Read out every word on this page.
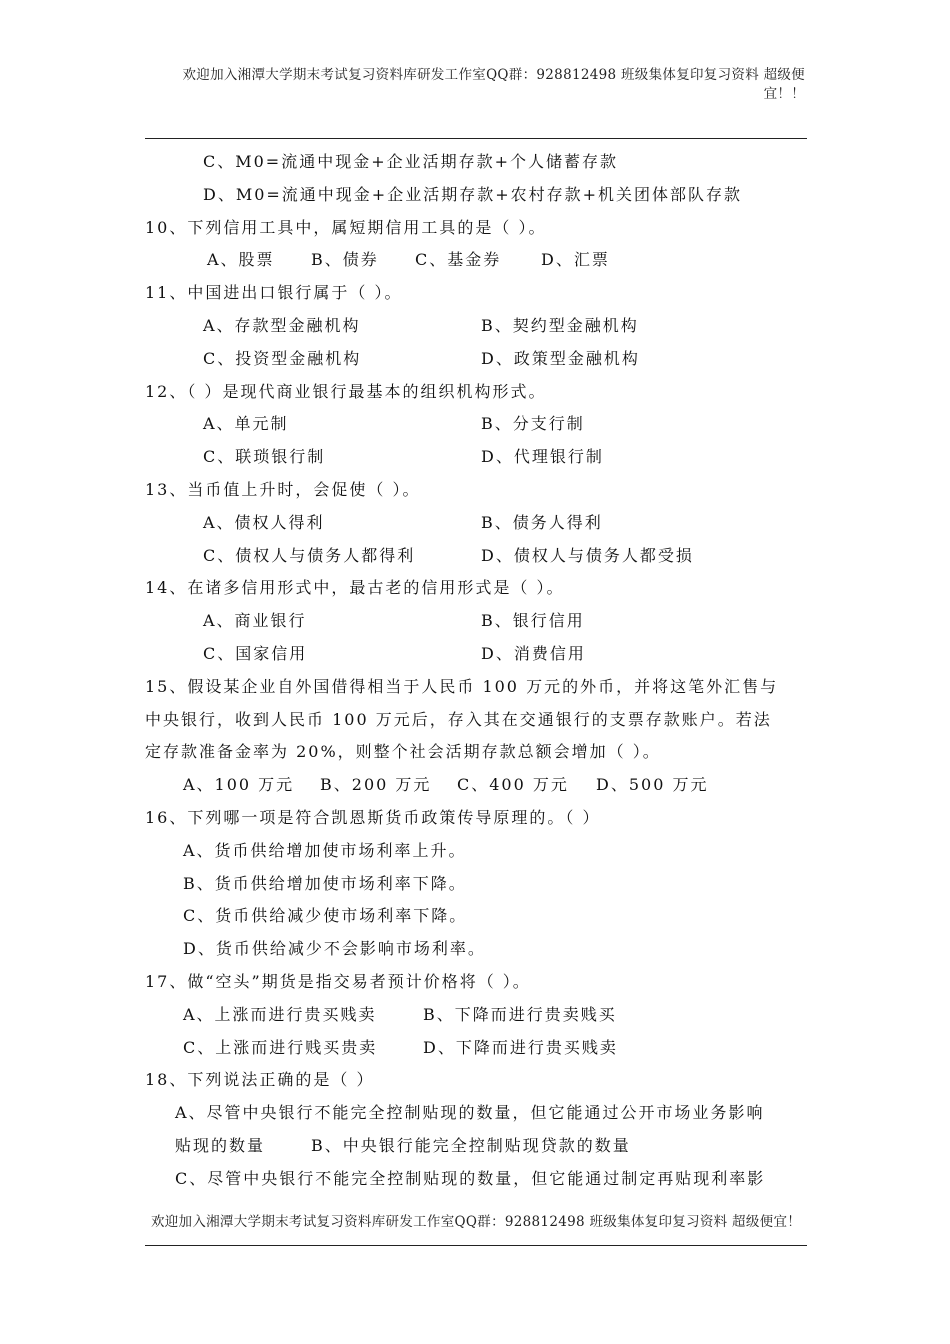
欢迎加入湘潭大学期末考试复习资料库研发工作室QQ群：928812498 班级集体复印复习资料 超级便
宜！！
C、M0=流通中现金+企业活期存款+个人储蓄存款
D、M0=流通中现金+企业活期存款+农村存款+机关团体部队存款
10、下列信用工具中，属短期信用工具的是（ ）。
A、股票 B、债券 C、基金券 D、汇票
11、中国进出口银行属于（ ）。
A、存款型金融机构	B、契约型金融机构
C、投资型金融机构	D、政策型金融机构
12、（ ）是现代商业银行最基本的组织机构形式。
A、单元制	B、分支行制
C、联琐银行制	D、代理银行制
13、当币值上升时，会促使（ ）。
A、债权人得利	B、债务人得利
C、债权人与债务人都得利	D、债权人与债务人都受损
14、在诸多信用形式中，最古老的信用形式是（ ）。
A、商业银行	B、银行信用
C、国家信用	D、消费信用
15、假设某企业自外国借得相当于人民币 100 万元的外币，并将这笔外汇售与
中央银行，收到人民币 100 万元后，存入其在交通银行的支票存款账户。若法
定存款准备金率为 20%，则整个社会活期存款总额会增加（ ）。
A、100 万元 B、200 万元 C、400 万元 D、500 万元
16、下列哪一项是符合凯恩斯货币政策传导原理的。（ ）
A、货币供给增加使市场利率上升。
B、货币供给增加使市场利率下降。
C、货币供给减少使市场利率下降。
D、货币供给减少不会影响市场利率。
17、做“空头”期货是指交易者预计价格将（ ）。
A、上涨而进行贵买贱卖	B、下降而进行贵卖贱买
C、上涨而进行贱买贵卖	D、下降而进行贵买贱卖
18、下列说法正确的是（ ）
A、尽管中央银行不能完全控制贴现的数量，但它能通过公开市场业务影响
贴现的数量	B、中央银行能完全控制贴现贷款的数量
C、尽管中央银行不能完全控制贴现的数量，但它能通过制定再贴现利率影
欢迎加入湘潭大学期末考试复习资料库研发工作室QQ群：928812498 班级集体复印复习资料 超级便宜！
